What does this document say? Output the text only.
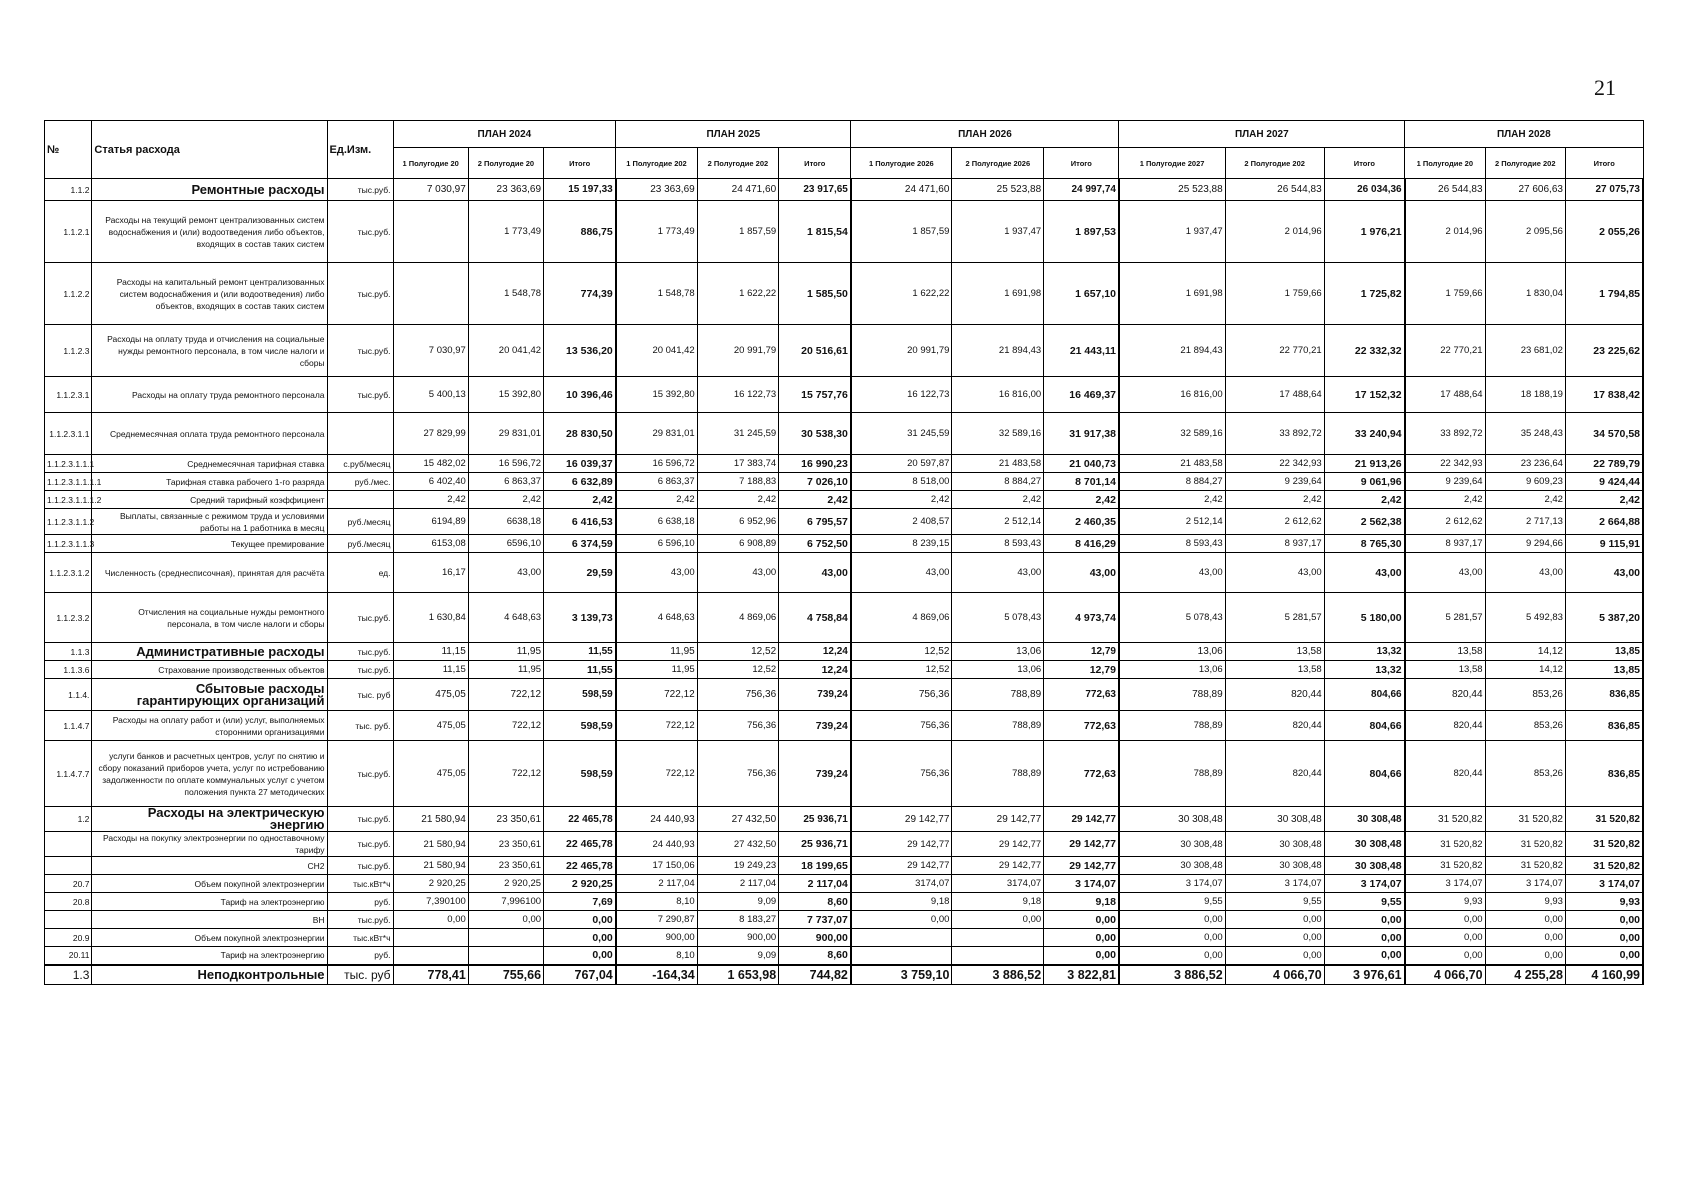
21
№	Статья расхода	Ед.Изм.	ПЛАН 2024			ПЛАН 2025			ПЛАН 2026			ПЛАН 2027			ПЛАН 2028		
			1 Полугодие 20	2 Полугодие 20	Итого	1 Полугодие 202	2 Полугодие 202	Итого	1 Полугодие 2026	2 Полугодие 2026	Итого	1 Полугодие 2027	2 Полугодие 202	Итого	1 Полугодие 20	2 Полугодие 202	Итого
1.1.2	Ремонтные расходы	тыс.руб.	7 030,97	23 363,69	15 197,33	23 363,69	24 471,60	23 917,65	24 471,60	25 523,88	24 997,74	25 523,88	26 544,83	26 034,36	26 544,83	27 606,63	27 075,73
1.1.2.1	Расходы на текущий ремонт централизованных систем водоснабжения и (или) водоотведения либо объектов, входящих в состав таких систем	тыс.руб.		1 773,49	886,75	1 773,49	1 857,59	1 815,54	1 857,59	1 937,47	1 897,53	1 937,47	2 014,96	1 976,21	2 014,96	2 095,56	2 055,26
1.1.2.2	Расходы на капитальный ремонт централизованных систем водоснабжения и (или водоотведения) либо объектов, входящих в состав таких систем	тыс.руб.		1 548,78	774,39	1 548,78	1 622,22	1 585,50	1 622,22	1 691,98	1 657,10	1 691,98	1 759,66	1 725,82	1 759,66	1 830,04	1 794,85
1.1.2.3	Расходы на оплату труда и отчисления на социальные нужды ремонтного персонала, в том числе налоги и сборы	тыс.руб.	7 030,97	20 041,42	13 536,20	20 041,42	20 991,79	20 516,61	20 991,79	21 894,43	21 443,11	21 894,43	22 770,21	22 332,32	22 770,21	23 681,02	23 225,62
1.1.2.3.1	Расходы на оплату труда ремонтного персонала	тыс.руб.	5 400,13	15 392,80	10 396,46	15 392,80	16 122,73	15 757,76	16 122,73	16 816,00	16 469,37	16 816,00	17 488,64	17 152,32	17 488,64	18 188,19	17 838,42
1.1.2.3.1.1	Среднемесячная оплата труда ремонтного персонала		27 829,99	29 831,01	28 830,50	29 831,01	31 245,59	30 538,30	31 245,59	32 589,16	31 917,38	32 589,16	33 892,72	33 240,94	33 892,72	35 248,43	34 570,58
1.1.2.3.1.1.1	Среднемесячная тарифная ставка	с.руб/месяц	15 482,02	16 596,72	16 039,37	16 596,72	17 383,74	16 990,23	20 597,87	21 483,58	21 040,73	21 483,58	22 342,93	21 913,26	22 342,93	23 236,64	22 789,79
1.1.2.3.1.1.1.1	Тарифная ставка рабочего 1-го разряда	руб./мес.	6 402,40	6 863,37	6 632,89	6 863,37	7 188,83	7 026,10	8 518,00	8 884,27	8 701,14	8 884,27	9 239,64	9 061,96	9 239,64	9 609,23	9 424,44
1.1.2.3.1.1.1.2	Средний тарифный коэффициент		2,42	2,42	2,42	2,42	2,42	2,42	2,42	2,42	2,42	2,42	2,42	2,42	2,42	2,42	2,42
1.1.2.3.1.1.2	Выплаты, связанные с режимом труда и условиями работы на 1 работника в месяц	руб./месяц	6194,89	6638,18	6 416,53	6 638,18	6 952,96	6 795,57	2 408,57	2 512,14	2 460,35	2 512,14	2 612,62	2 562,38	2 612,62	2 717,13	2 664,88
1.1.2.3.1.1.3	Текущее премирование	руб./месяц	6153,08	6596,10	6 374,59	6 596,10	6 908,89	6 752,50	8 239,15	8 593,43	8 416,29	8 593,43	8 937,17	8 765,30	8 937,17	9 294,66	9 115,91
1.1.2.3.1.2	Численность (среднесписочная), принятая для расчёта	ед.	16,17	43,00	29,59	43,00	43,00	43,00	43,00	43,00	43,00	43,00	43,00	43,00	43,00	43,00	43,00
1.1.2.3.2	Отчисления на социальные нужды ремонтного персонала, в том числе налоги и сборы	тыс.руб.	1 630,84	4 648,63	3 139,73	4 648,63	4 869,06	4 758,84	4 869,06	5 078,43	4 973,74	5 078,43	5 281,57	5 180,00	5 281,57	5 492,83	5 387,20
1.1.3	Административные расходы	тыс.руб.	11,15	11,95	11,55	11,95	12,52	12,24	12,52	13,06	12,79	13,06	13,58	13,32	13,58	14,12	13,85
1.1.3.6	Страхование производственных объектов	тыс.руб.	11,15	11,95	11,55	11,95	12,52	12,24	12,52	13,06	12,79	13,06	13,58	13,32	13,58	14,12	13,85
1.1.4.	Сбытовые расходы гарантирующих организаций	тыс. руб	475,05	722,12	598,59	722,12	756,36	739,24	756,36	788,89	772,63	788,89	820,44	804,66	820,44	853,26	836,85
1.1.4.7	Расходы на оплату работ и (или) услуг, выполняемых сторонними организациями	тыс. руб.	475,05	722,12	598,59	722,12	756,36	739,24	756,36	788,89	772,63	788,89	820,44	804,66	820,44	853,26	836,85
1.1.4.7.7	услуги банков и расчетных центров, услуг по снятию и сбору показаний приборов учета, услуг по истребованию задолженности по оплате коммунальных услуг с учетом положения пункта 27 методических	тыс.руб.	475,05	722,12	598,59	722,12	756,36	739,24	756,36	788,89	772,63	788,89	820,44	804,66	820,44	853,26	836,85
1.2	Расходы на электрическую энергию	тыс.руб.	21 580,94	23 350,61	22 465,78	24 440,93	27 432,50	25 936,71	29 142,77	29 142,77	29 142,77	30 308,48	30 308,48	30 308,48	31 520,82	31 520,82	31 520,82
	Расходы на покупку электроэнергии по одноставочному тарифу	тыс.руб.	21 580,94	23 350,61	22 465,78	24 440,93	27 432,50	25 936,71	29 142,77	29 142,77	29 142,77	30 308,48	30 308,48	30 308,48	31 520,82	31 520,82	31 520,82
	СН2	тыс.руб.	21 580,94	23 350,61	22 465,78	17 150,06	19 249,23	18 199,65	29 142,77	29 142,77	29 142,77	30 308,48	30 308,48	30 308,48	31 520,82	31 520,82	31 520,82
20.7	Объем покупной электроэнергии	тыс.кВт*ч	2 920,25	2 920,25	2 920,25	2 117,04	2 117,04	2 117,04	3174,07	3174,07	3 174,07	3 174,07	3 174,07	3 174,07	3 174,07	3 174,07	3 174,07
20.8	Тариф на электроэнергию	руб.	7,390100	7,996100	7,69	8,10	9,09	8,60	9,18	9,18	9,18	9,55	9,55	9,55	9,93	9,93	9,93
	ВН	тыс.руб.	0,00	0,00	0,00	7 290,87	8 183,27	7 737,07	0,00	0,00	0,00	0,00	0,00	0,00	0,00	0,00	0,00
20.9	Объем покупной электроэнергии	тыс.кВт*ч			0,00	900,00	900,00	900,00			0,00	0,00	0,00	0,00	0,00	0,00	0,00
20.11	Тариф на электроэнергию	руб.			0,00	8,10	9,09	8,60			0,00	0,00	0,00	0,00	0,00	0,00	0,00
1.3	Неподконтрольные	тыс. руб	778,41	755,66	767,04	-164,34	1 653,98	744,82	3 759,10	3 886,52	3 822,81	3 886,52	4 066,70	3 976,61	4 066,70	4 255,28	4 160,99
